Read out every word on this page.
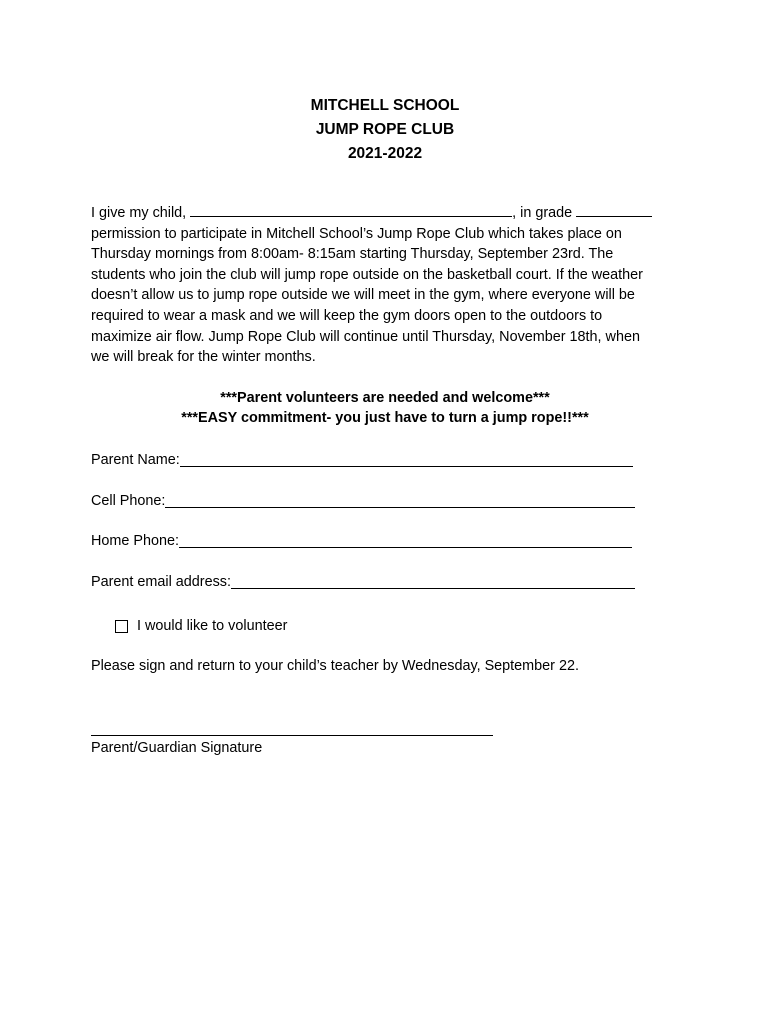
MITCHELL SCHOOL
JUMP ROPE CLUB
2021-2022
I give my child,	, in grade
permission to participate in Mitchell School’s Jump Rope Club which takes place on
Thursday mornings from 8:00am- 8:15am starting Thursday, September 23rd. The
students who join the club will jump rope outside on the basketball court. If the weather
doesn’t allow us to jump rope outside we will meet in the gym, where everyone will be
required to wear a mask and we will keep the gym doors open to the outdoors to
maximize air flow. Jump Rope Club will continue until Thursday, November 18th, when
we will break for the winter months.
***Parent volunteers are needed and welcome***
***EASY commitment- you just have to turn a jump rope!!***
Parent Name:
Cell Phone:
Home Phone:
Parent email address:
I would like to volunteer
Please sign and return to your child’s teacher by Wednesday, September 22.
Parent/Guardian Signature
